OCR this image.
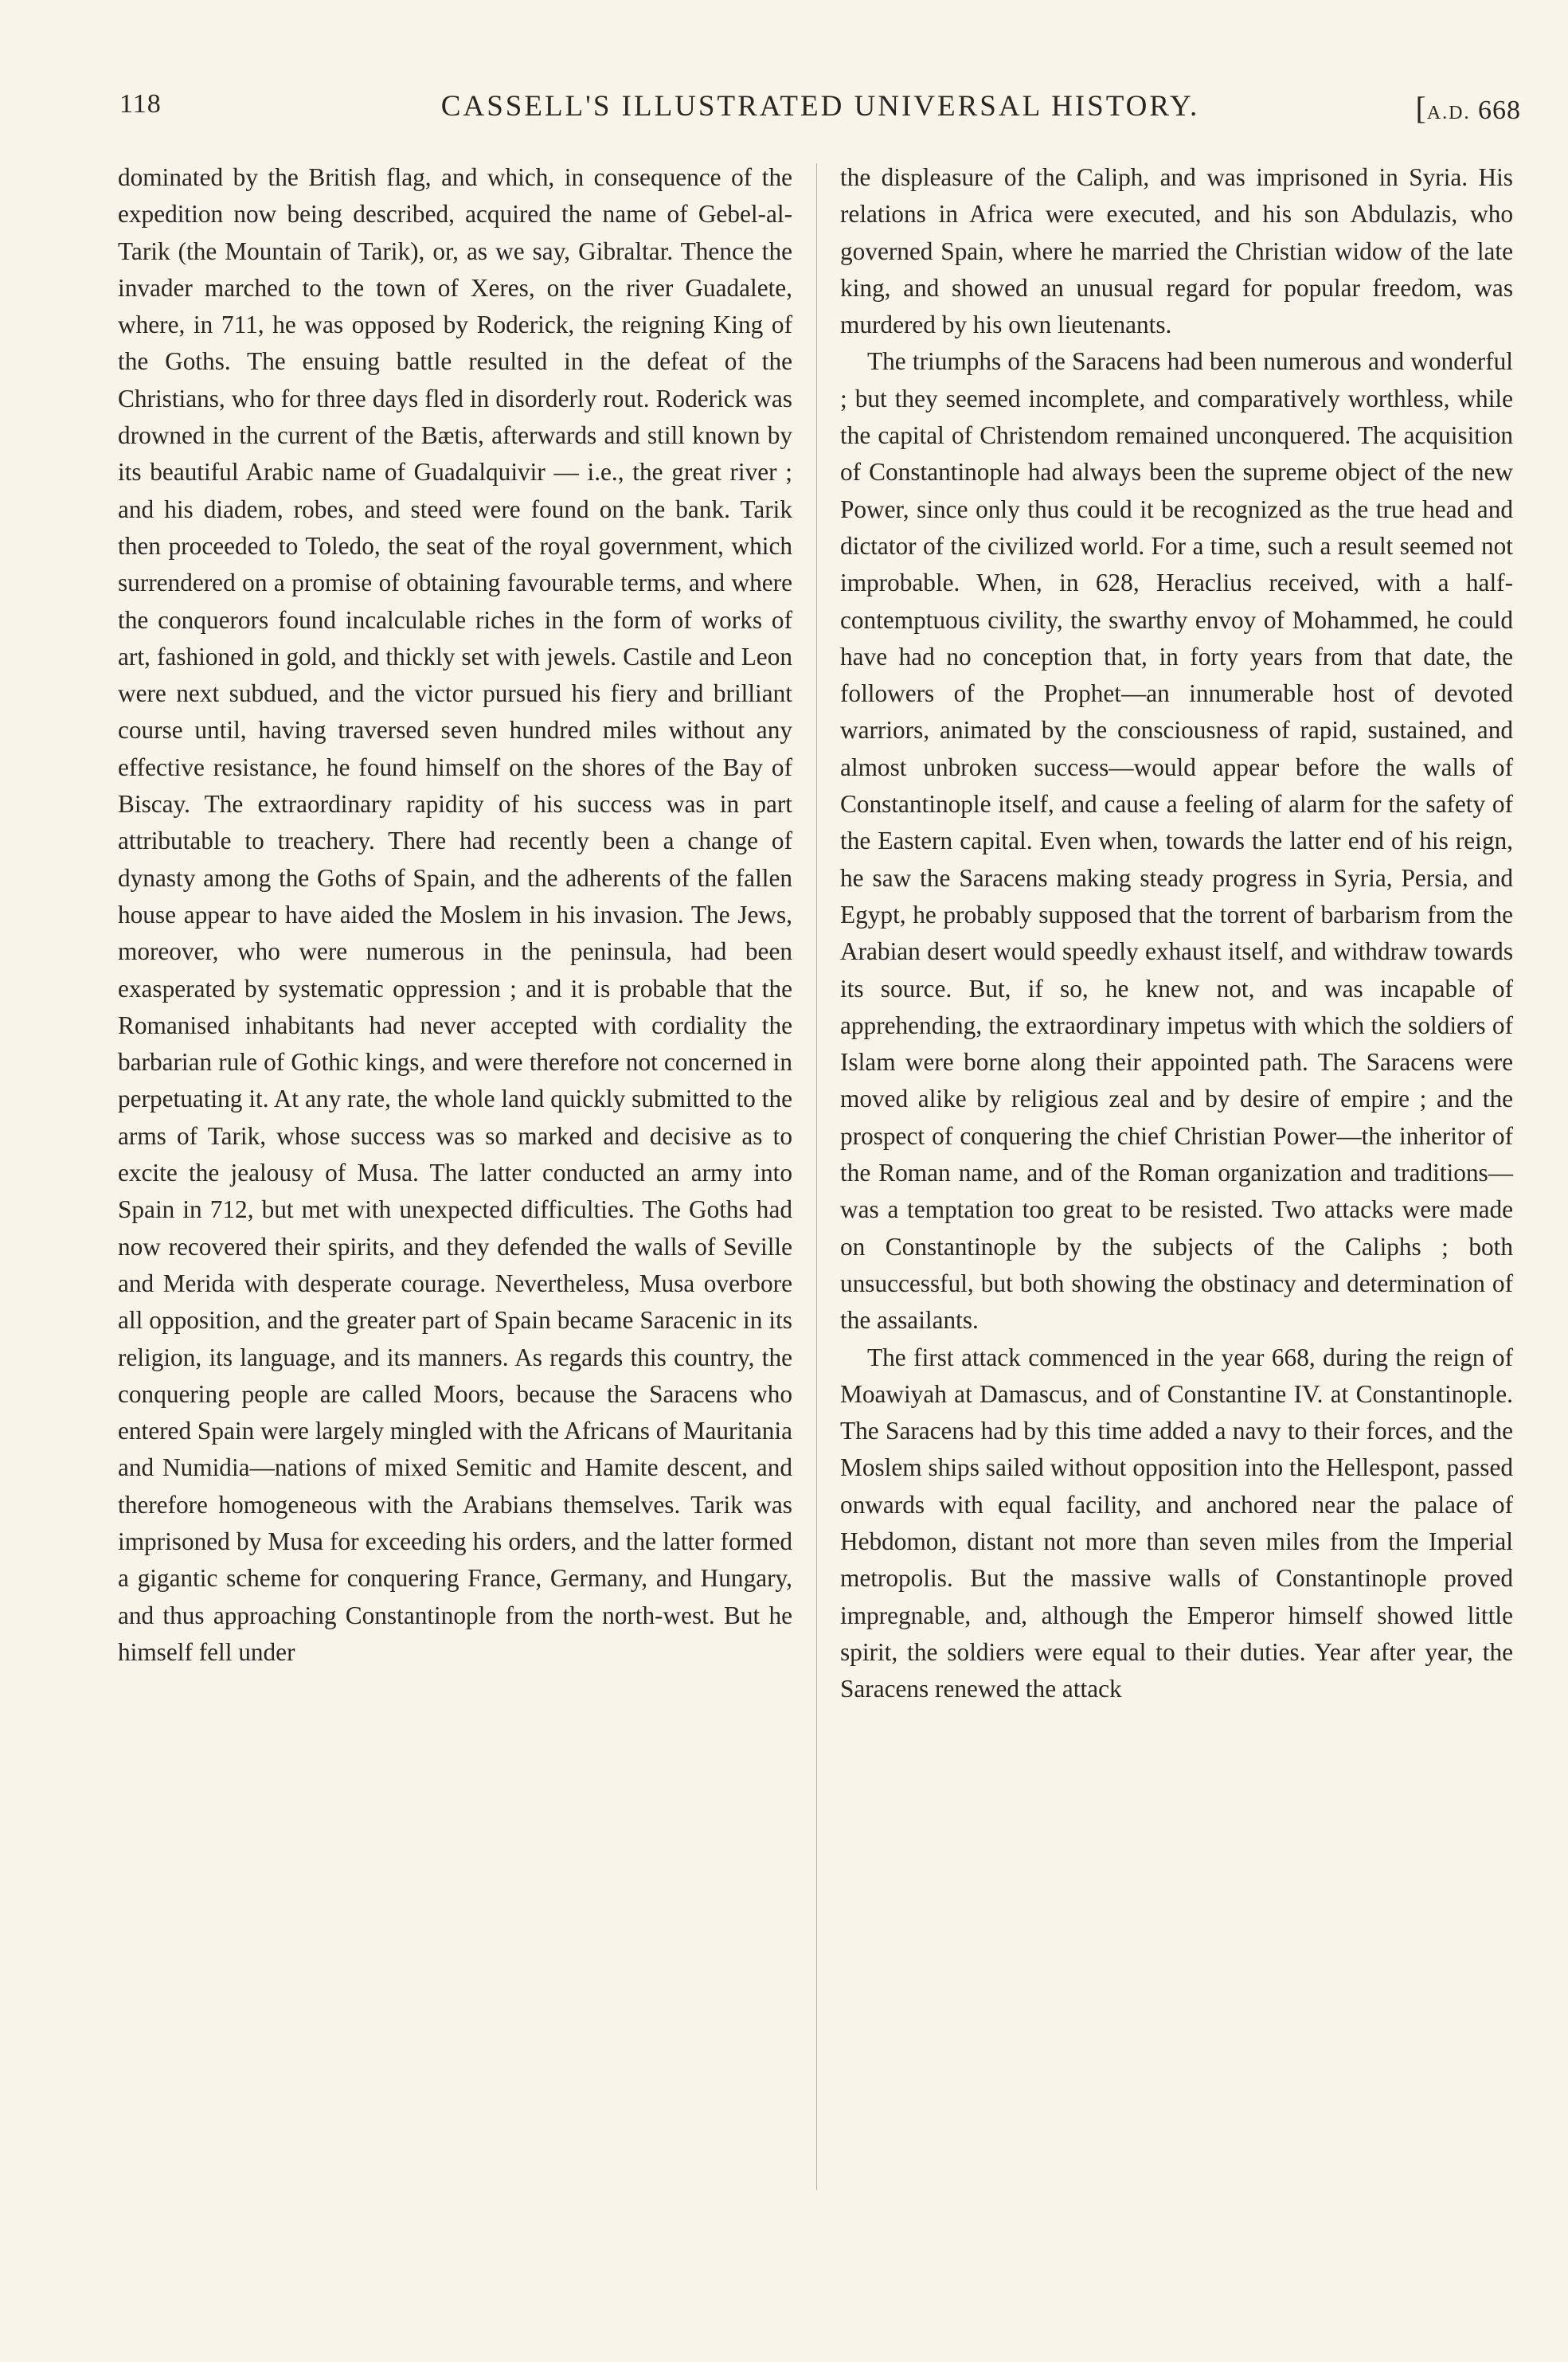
118	CASSELL'S ILLUSTRATED UNIVERSAL HISTORY.	[A.D. 668

dominated by the British flag, and which, in consequence of the expedition now being described, acquired the name of Gebel-al-Tarik (the Mountain of Tarik), or, as we say, Gibraltar. Thence the invader marched to the town of Xeres, on the river Guadalete, where, in 711, he was opposed by Roderick, the reigning King of the Goths. The ensuing battle resulted in the defeat of the Christians, who for three days fled in disorderly rout. Roderick was drowned in the current of the Bætis, afterwards and still known by its beautiful Arabic name of Guadalquivir — i.e., the great river ; and his diadem, robes, and steed were found on the bank. Tarik then proceeded to Toledo, the seat of the royal government, which surrendered on a promise of obtaining favourable terms, and where the conquerors found incalculable riches in the form of works of art, fashioned in gold, and thickly set with jewels. Castile and Leon were next subdued, and the victor pursued his fiery and brilliant course until, having traversed seven hundred miles without any effective resistance, he found himself on the shores of the Bay of Biscay. The extraordinary rapidity of his success was in part attributable to treachery. There had recently been a change of dynasty among the Goths of Spain, and the adherents of the fallen house appear to have aided the Moslem in his invasion. The Jews, moreover, who were numerous in the peninsula, had been exasperated by systematic oppression ; and it is probable that the Romanised inhabitants had never accepted with cordiality the barbarian rule of Gothic kings, and were therefore not concerned in perpetuating it. At any rate, the whole land quickly submitted to the arms of Tarik, whose success was so marked and decisive as to excite the jealousy of Musa. The latter conducted an army into Spain in 712, but met with unexpected difficulties. The Goths had now recovered their spirits, and they defended the walls of Seville and Merida with desperate courage. Nevertheless, Musa overbore all opposition, and the greater part of Spain became Saracenic in its religion, its language, and its manners. As regards this country, the conquering people are called Moors, because the Saracens who entered Spain were largely mingled with the Africans of Mauritania and Numidia—nations of mixed Semitic and Hamite descent, and therefore homogeneous with the Arabians themselves. Tarik was imprisoned by Musa for exceeding his orders, and the latter formed a gigantic scheme for conquering France, Germany, and Hungary, and thus approaching Constantinople from the north-west. But he himself fell under

the displeasure of the Caliph, and was imprisoned in Syria. His relations in Africa were executed, and his son Abdulazis, who governed Spain, where he married the Christian widow of the late king, and showed an unusual regard for popular freedom, was murdered by his own lieutenants.

The triumphs of the Saracens had been numerous and wonderful ; but they seemed incomplete, and comparatively worthless, while the capital of Christendom remained unconquered. The acquisition of Constantinople had always been the supreme object of the new Power, since only thus could it be recognized as the true head and dictator of the civilized world. For a time, such a result seemed not improbable. When, in 628, Heraclius received, with a half-contemptuous civility, the swarthy envoy of Mohammed, he could have had no conception that, in forty years from that date, the followers of the Prophet—an innumerable host of devoted warriors, animated by the consciousness of rapid, sustained, and almost unbroken success—would appear before the walls of Constantinople itself, and cause a feeling of alarm for the safety of the Eastern capital. Even when, towards the latter end of his reign, he saw the Saracens making steady progress in Syria, Persia, and Egypt, he probably supposed that the torrent of barbarism from the Arabian desert would speedly exhaust itself, and withdraw towards its source. But, if so, he knew not, and was incapable of apprehending, the extraordinary impetus with which the soldiers of Islam were borne along their appointed path. The Saracens were moved alike by religious zeal and by desire of empire ; and the prospect of conquering the chief Christian Power—the inheritor of the Roman name, and of the Roman organization and traditions—was a temptation too great to be resisted. Two attacks were made on Constantinople by the subjects of the Caliphs ; both unsuccessful, but both showing the obstinacy and determination of the assailants.

The first attack commenced in the year 668, during the reign of Moawiyah at Damascus, and of Constantine IV. at Constantinople. The Saracens had by this time added a navy to their forces, and the Moslem ships sailed without opposition into the Hellespont, passed onwards with equal facility, and anchored near the palace of Hebdomon, distant not more than seven miles from the Imperial metropolis. But the massive walls of Constantinople proved impregnable, and, although the Emperor himself showed little spirit, the soldiers were equal to their duties. Year after year, the Saracens renewed the attack
